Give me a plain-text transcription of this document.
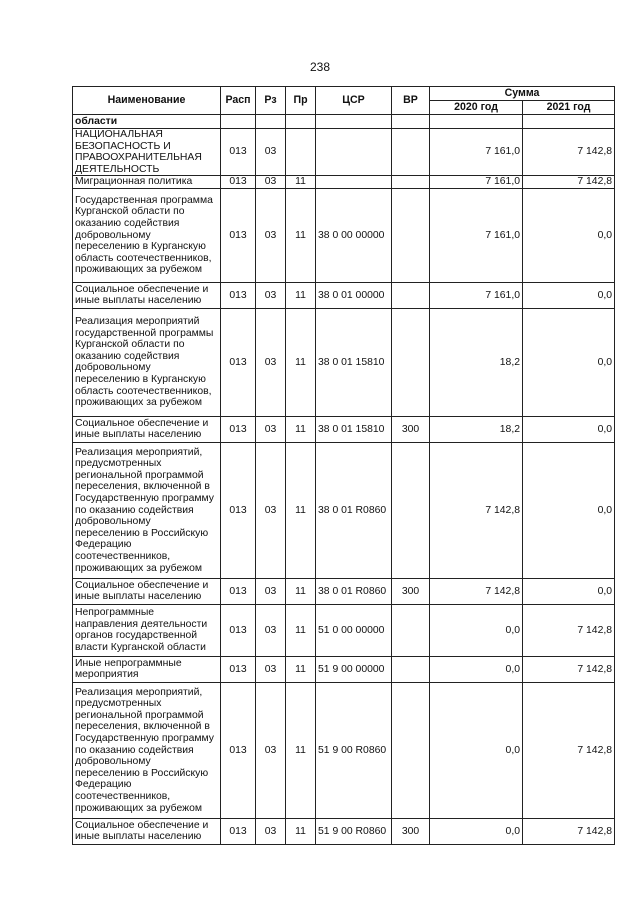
238
Наименование	Расп	Рз	Пр	ЦСР	ВР	Сумма	
						2020 год	2021 год
области							
НАЦИОНАЛЬНАЯ БЕЗОПАСНОСТЬ И ПРАВООХРАНИТЕЛЬНАЯ ДЕЯТЕЛЬНОСТЬ	013	03				7 161,0	7 142,8
Миграционная политика	013	03	11			7 161,0	7 142,8
Государственная программа Курганской области по оказанию содействия добровольному переселению в Курганскую область соотечественников, проживающих за рубежом	013	03	11	38 0 00 00000		7 161,0	0,0
Социальное обеспечение и иные выплаты населению	013	03	11	38 0 01 00000		7 161,0	0,0
Реализация мероприятий государственной программы Курганской области по оказанию содействия добровольному переселению в Курганскую область соотечественников, проживающих за рубежом	013	03	11	38 0 01 15810		18,2	0,0
Социальное обеспечение и иные выплаты населению	013	03	11	38 0 01 15810	300	18,2	0,0
Реализация мероприятий, предусмотренных региональной программой переселения, включенной в Государственную программу по оказанию содействия добровольному переселению в Российскую Федерацию соотечественников, проживающих за рубежом	013	03	11	38 0 01 R0860		7 142,8	0,0
Социальное обеспечение и иные выплаты населению	013	03	11	38 0 01 R0860	300	7 142,8	0,0
Непрограммные направления деятельности органов государственной власти Курганской области	013	03	11	51 0 00 00000		0,0	7 142,8
Иные непрограммные мероприятия	013	03	11	51 9 00 00000		0,0	7 142,8
Реализация мероприятий, предусмотренных региональной программой переселения, включенной в Государственную программу по оказанию содействия добровольному переселению в Российскую Федерацию соотечественников, проживающих за рубежом	013	03	11	51 9 00 R0860		0,0	7 142,8
Социальное обеспечение и иные выплаты населению	013	03	11	51 9 00 R0860	300	0,0	7 142,8
